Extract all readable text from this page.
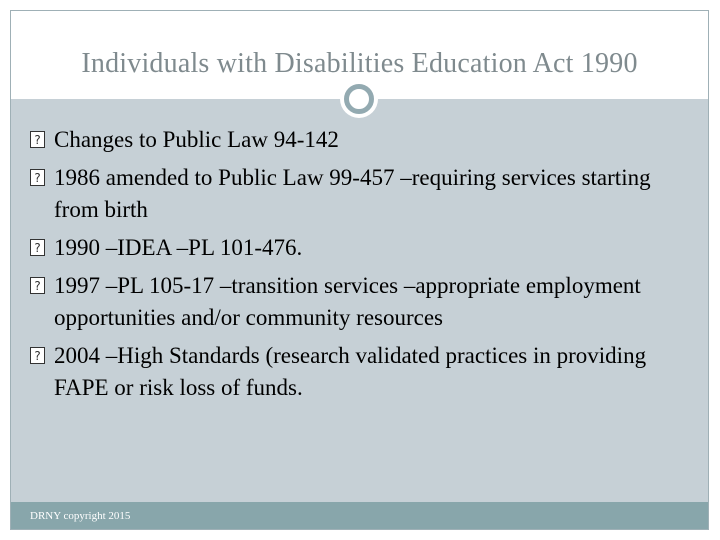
Individuals with Disabilities Education Act 1990
?
Changes to Public Law 94-142
?
1986 amended to Public Law 99-457 –requiring services starting from birth
?
1990 –IDEA –PL 101-476.
?
1997 –PL 105-17 –transition services –appropriate employment opportunities and/or community resources
?
2004 –High Standards (research validated practices in providing FAPE or risk loss of funds.
DRNY copyright 2015
